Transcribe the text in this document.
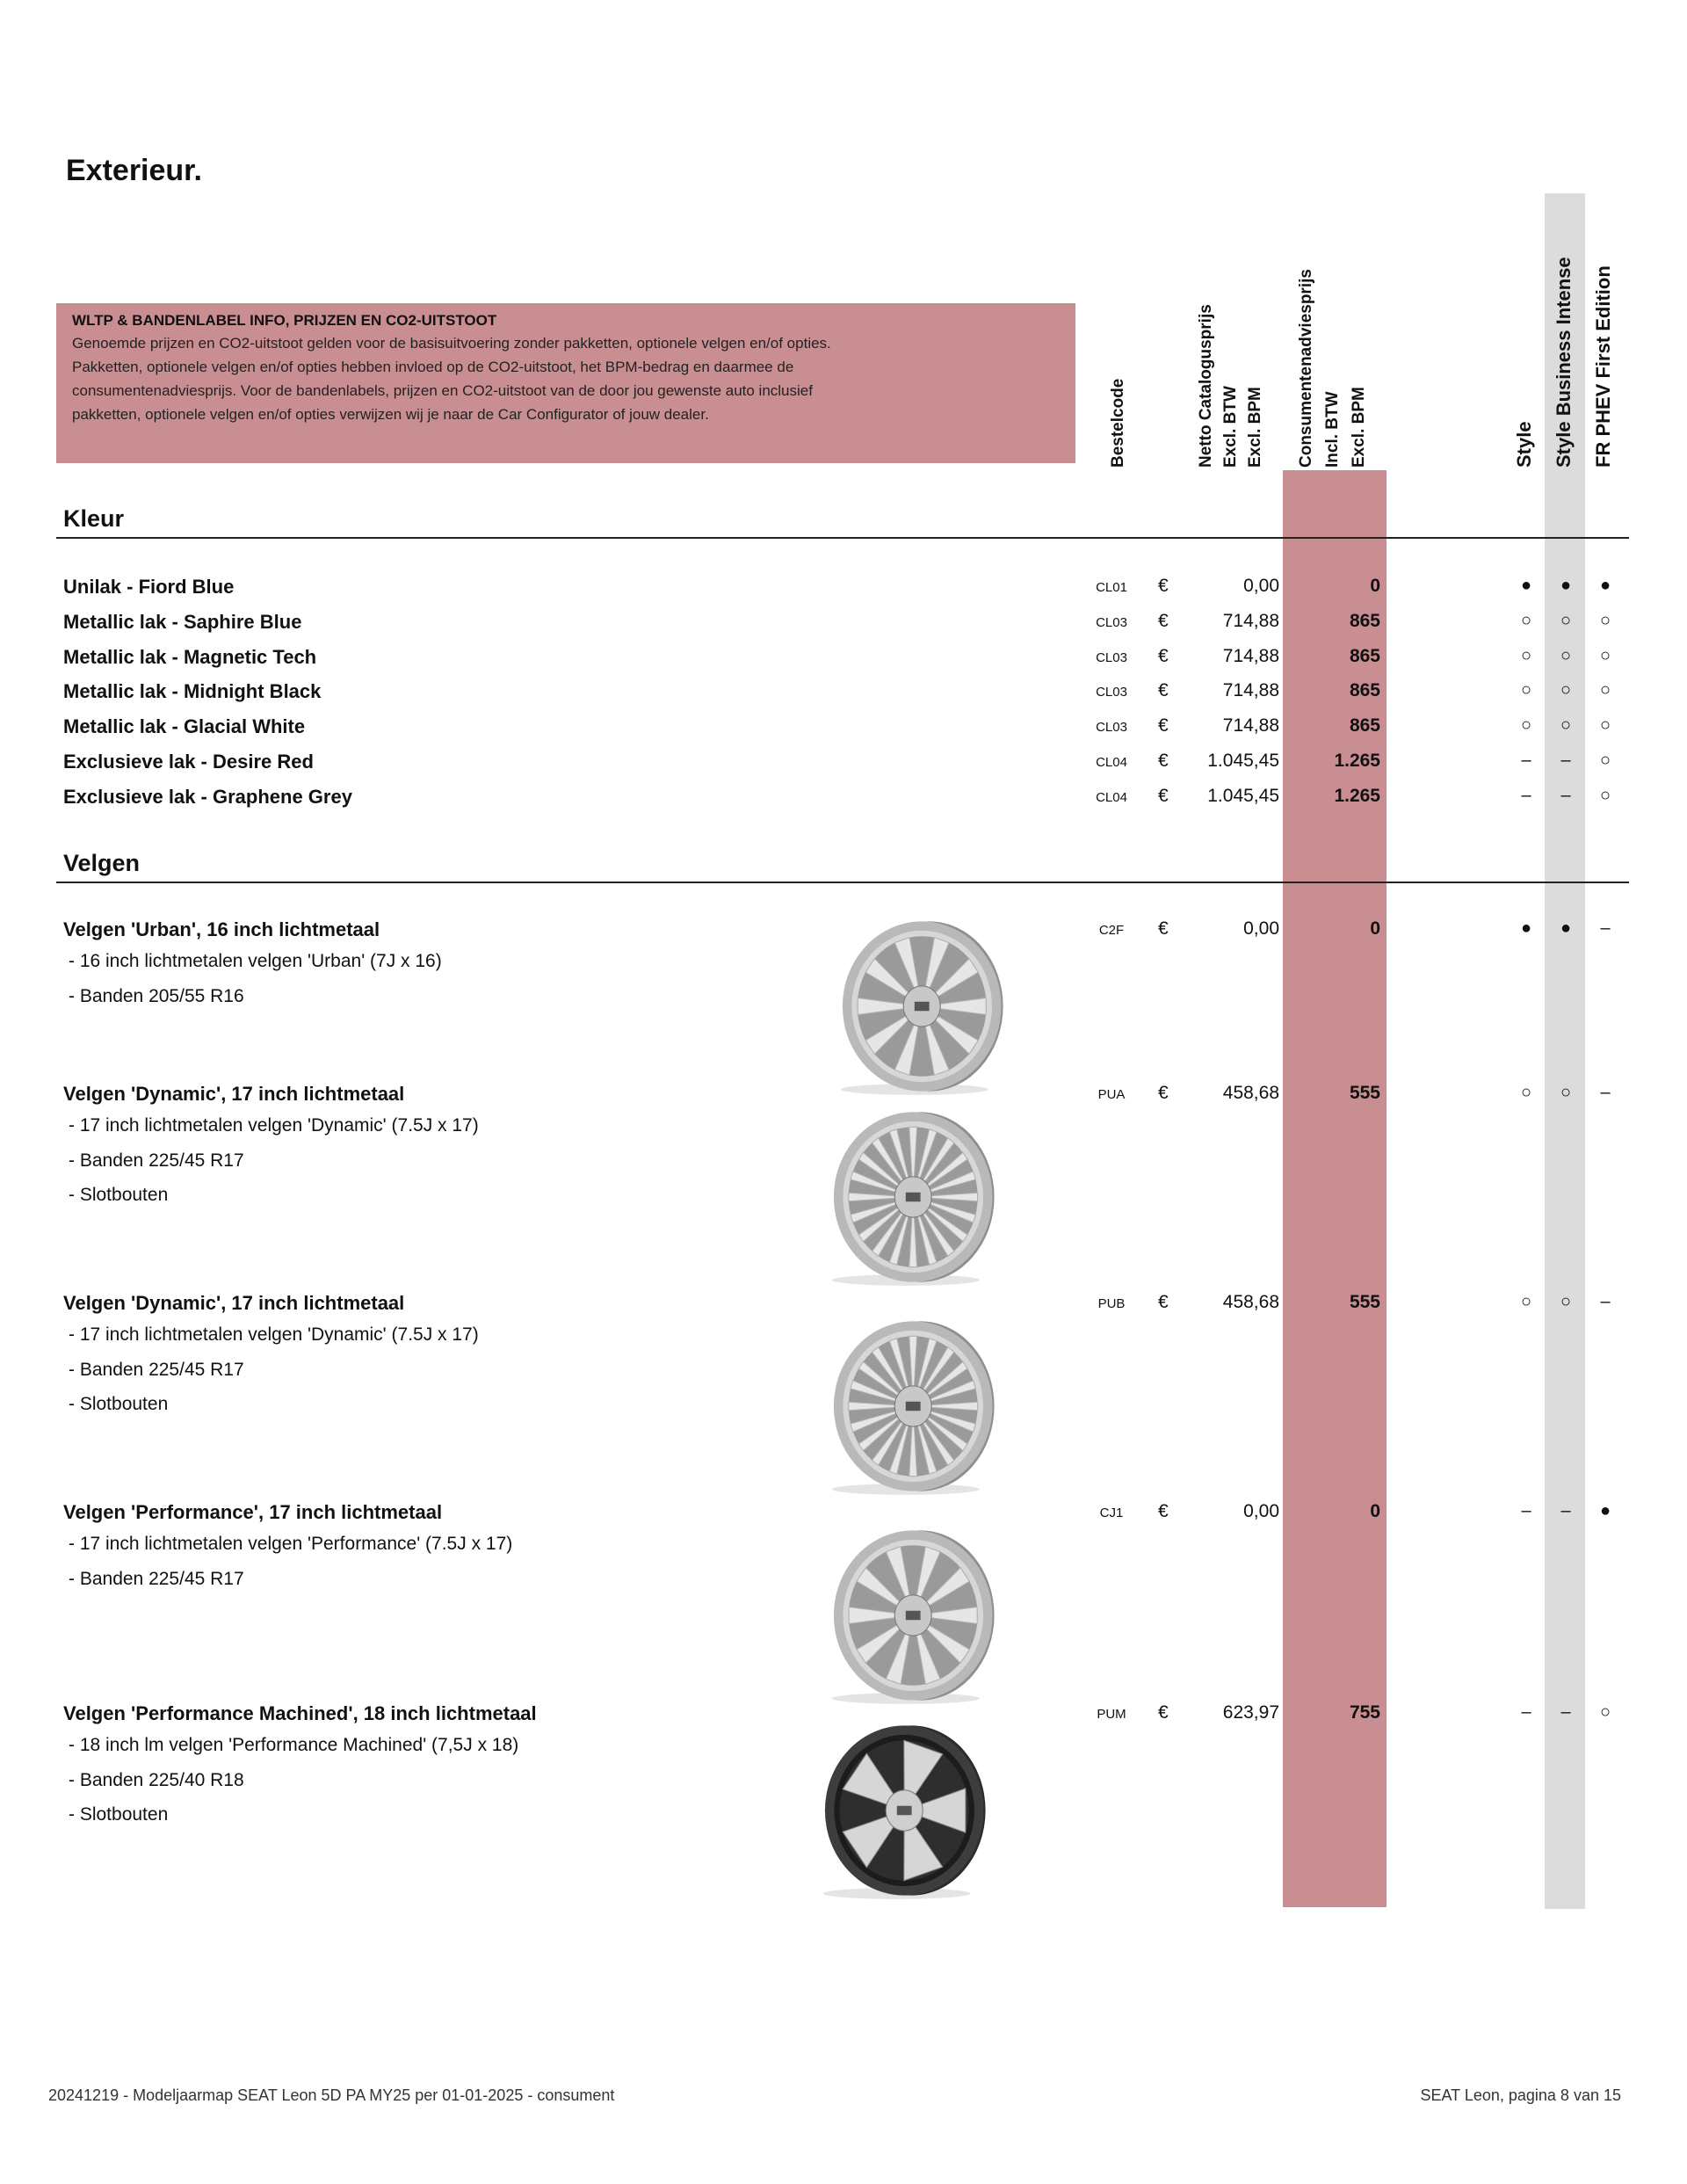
Exterieur.
WLTP & BANDENLABEL INFO, PRIJZEN EN CO2-UITSTOOT
Genoemde prijzen en CO2-uitstoot gelden voor de basisuitvoering zonder pakketten, optionele velgen en/of opties.
Pakketten, optionele velgen en/of opties hebben invloed op de CO2-uitstoot, het BPM-bedrag en daarmee de
consumentenadviesprijs. Voor de bandenlabels, prijzen en CO2-uitstoot van de door jou gewenste auto inclusief
pakketten, optionele velgen en/of opties verwijzen wij je naar de Car Configurator of jouw dealer.	Bestelcode	Netto Catalogusprijs Excl. BTW Excl. BPM Consumentenadviesprijs Incl. BTW Excl. BPM	Style Style Business Intense FR PHEV First Edition
Kleur
Unilak - Fiord Blue	CL01	€	0,00	0	●	●	●
Metallic lak - Saphire Blue	CL03	€	714,88	865	○	○	○
Metallic lak - Magnetic Tech	CL03	€	714,88	865	○	○	○
Metallic lak - Midnight Black	CL03	€	714,88	865	○	○	○
Metallic lak - Glacial White	CL03	€	714,88	865	○	○	○
Exclusieve lak - Desire Red	CL04	€	1.045,45	1.265	–	–	○
Exclusieve lak - Graphene Grey	CL04	€	1.045,45	1.265	–	–	○
Velgen
Velgen 'Urban', 16 inch lichtmetaal
- 16 inch lichtmetalen velgen 'Urban' (7J x 16)
- Banden 205/55 R16
C2F	€	0,00	0	●	●	–
Velgen 'Dynamic', 17 inch lichtmetaal
- 17 inch lichtmetalen velgen 'Dynamic' (7.5J x 17)
- Banden 225/45 R17
- Slotbouten
PUA	€	458,68	555	○	○	–
Velgen 'Dynamic', 17 inch lichtmetaal
- 17 inch lichtmetalen velgen 'Dynamic' (7.5J x 17)
- Banden 225/45 R17
- Slotbouten
PUB	€	458,68	555	○	○	–
Velgen 'Performance', 17 inch lichtmetaal
- 17 inch lichtmetalen velgen 'Performance' (7.5J x 17)
- Banden 225/45 R17
CJ1	€	0,00	0	–	–	●
Velgen 'Performance Machined', 18 inch lichtmetaal
- 18 inch lm velgen 'Performance Machined' (7,5J x 18)
- Banden 225/40 R18
- Slotbouten
PUM	€	623,97	755	–	–	○
20241219 - Modeljaarmap SEAT Leon 5D PA MY25 per 01-01-2025 - consument	SEAT Leon, pagina 8 van 15
